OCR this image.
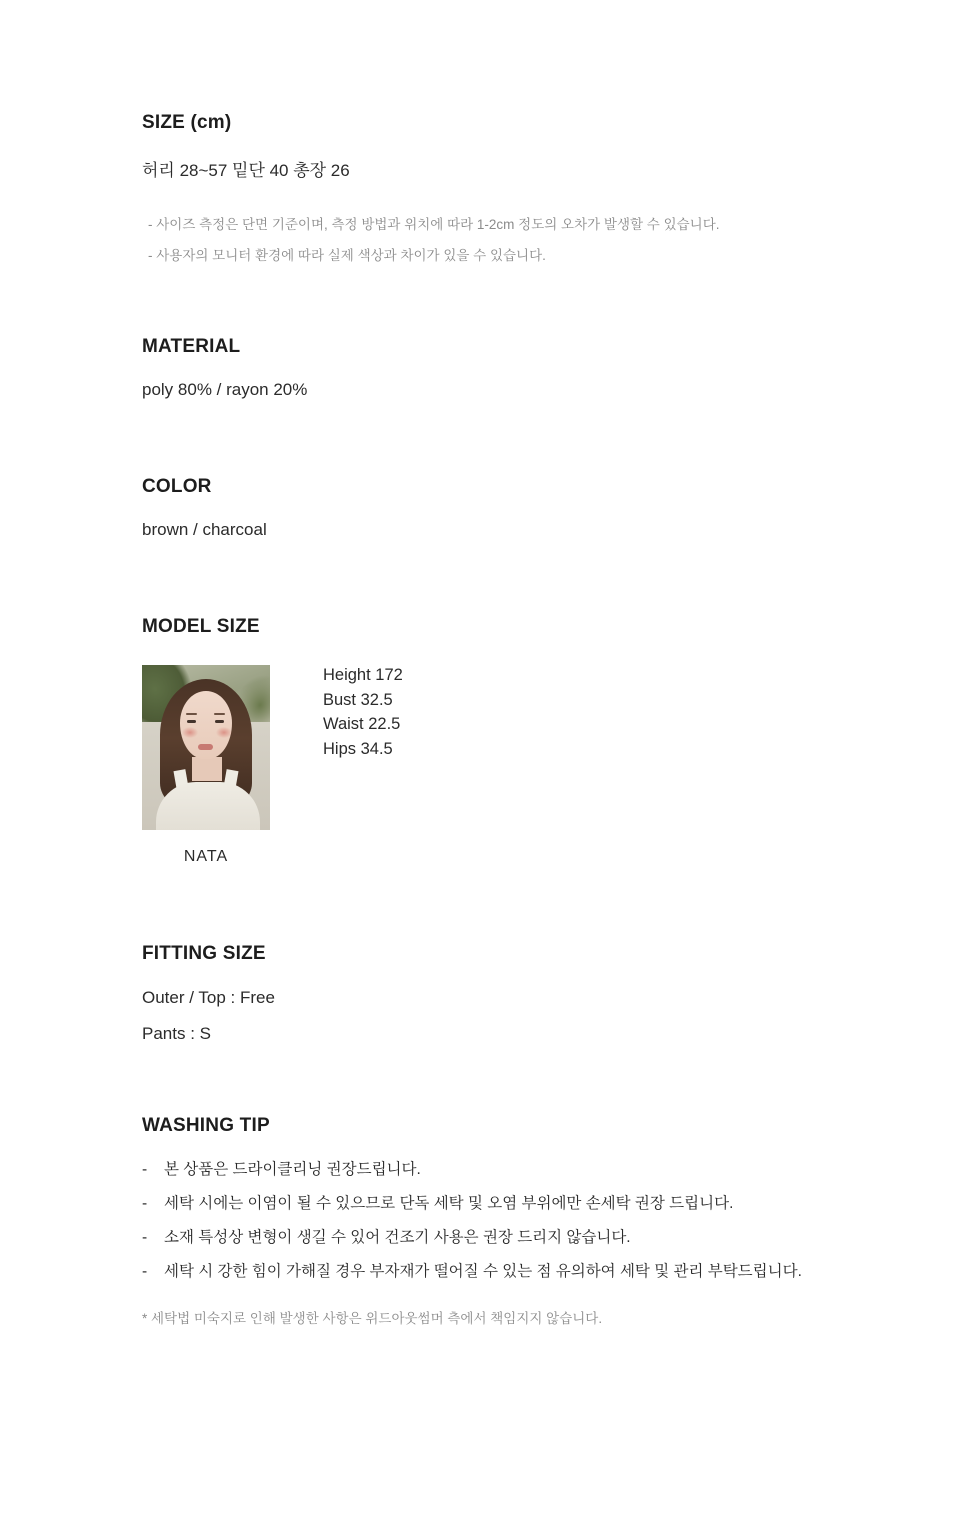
SIZE (cm)
허리 28~57 밑단 40 총장 26
- 사이즈 측정은 단면 기준이며, 측정 방법과 위치에 따라 1-2cm 정도의 오차가 발생할 수 있습니다.
- 사용자의 모니터 환경에 따라 실제 색상과 차이가 있을 수 있습니다.
MATERIAL
poly 80% / rayon 20%
COLOR
brown / charcoal
MODEL SIZE
NATA
Height 172
Bust 32.5
Waist 22.5
Hips 34.5
FITTING SIZE
Outer / Top : Free
Pants : S
WASHING TIP
-	본 상품은 드라이클리닝 권장드립니다.
-	세탁 시에는 이염이 될 수 있으므로 단독 세탁 및 오염 부위에만 손세탁 권장 드립니다.
-	소재 특성상 변형이 생길 수 있어 건조기 사용은 권장 드리지 않습니다.
-	세탁 시 강한 힘이 가해질 경우 부자재가 떨어질 수 있는 점 유의하여 세탁 및 관리 부탁드립니다.
* 세탁법 미숙지로 인해 발생한 사항은 위드아웃썸머 측에서 책임지지 않습니다.
